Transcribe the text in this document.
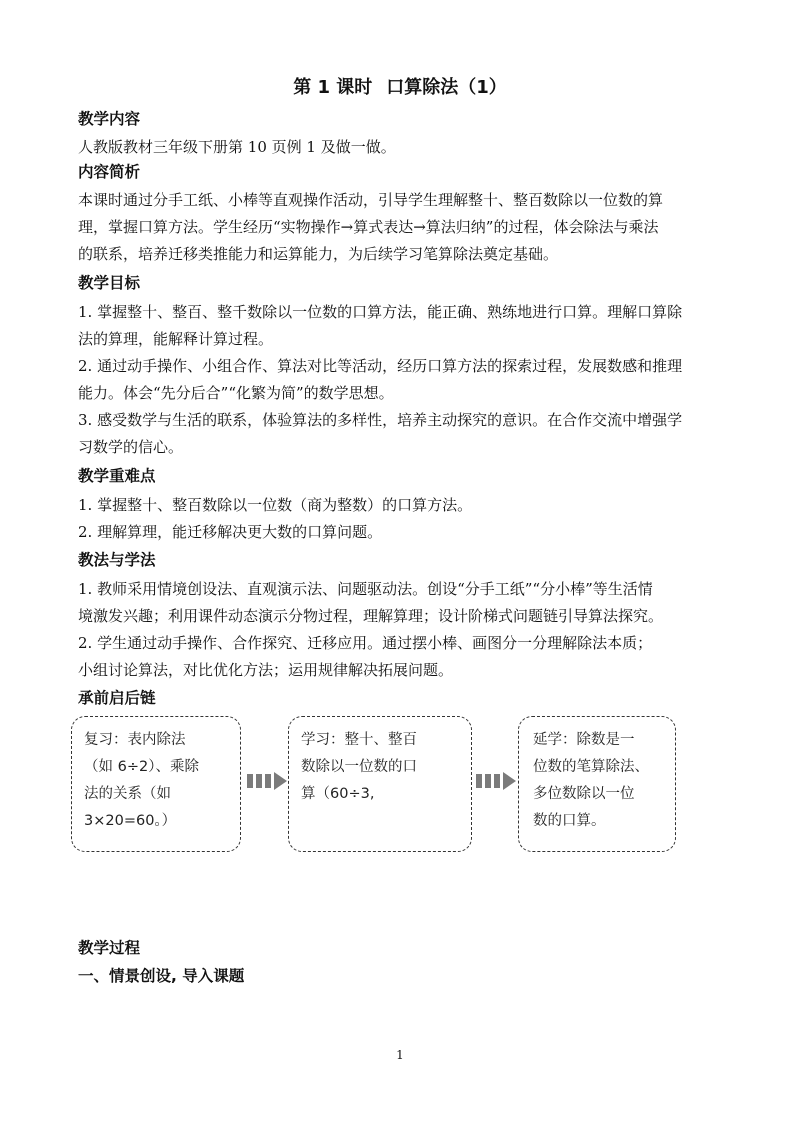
第 1 课时 口算除法（1）
教学内容
人教版教材三年级下册第 10 页例 1 及做一做。
内容简析
本课时通过分手工纸、小棒等直观操作活动，引导学生理解整十、整百数除以一位数的算
理，掌握口算方法。学生经历“实物操作→算式表达→算法归纳”的过程，体会除法与乘法
的联系，培养迁移类推能力和运算能力，为后续学习笔算除法奠定基础。
教学目标
1. 掌握整十、整百、整千数除以一位数的口算方法，能正确、熟练地进行口算。理解口算除
法的算理，能解释计算过程。
2. 通过动手操作、小组合作、算法对比等活动，经历口算方法的探索过程，发展数感和推理
能力。体会“先分后合”“化繁为简”的数学思想。
3. 感受数学与生活的联系，体验算法的多样性，培养主动探究的意识。在合作交流中增强学
习数学的信心。
教学重难点
1. 掌握整十、整百数除以一位数（商为整数）的口算方法。
2. 理解算理，能迁移解决更大数的口算问题。
教法与学法
1. 教师采用情境创设法、直观演示法、问题驱动法。创设“分手工纸”“分小棒”等生活情
境激发兴趣；利用课件动态演示分物过程，理解算理；设计阶梯式问题链引导算法探究。
2. 学生通过动手操作、合作探究、迁移应用。通过摆小棒、画图分一分理解除法本质；
小组讨论算法，对比优化方法；运用规律解决拓展问题。
承前启后链
复习：表内除法
（如 6÷2）、乘除
法的关系（如
3×20=60。）
学习：整十、整百
数除以一位数的口
算（60÷3,
延学：除数是一
位数的笔算除法、
多位数除以一位
数的口算。
教学过程
一、情景创设, 导入课题
1
